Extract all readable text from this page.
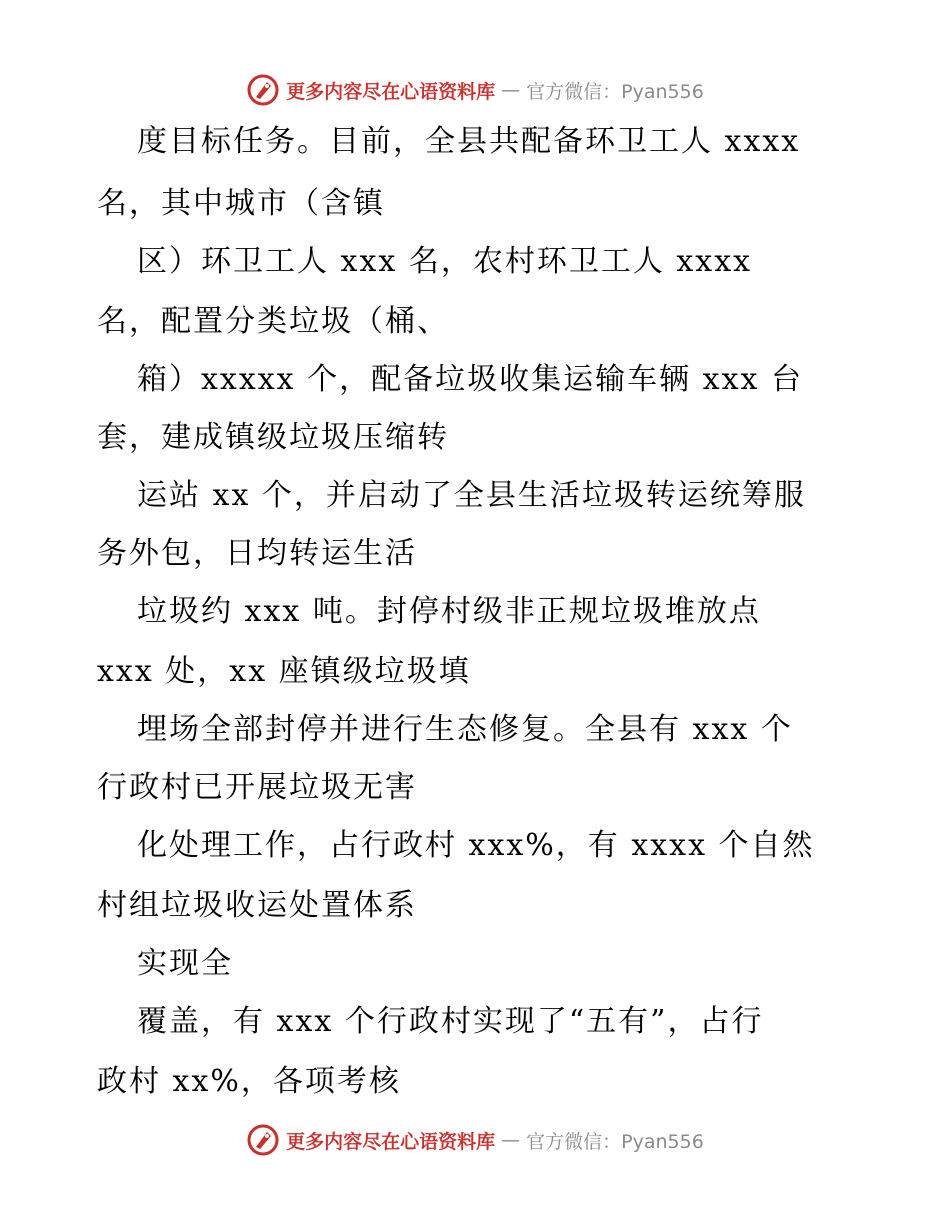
更多内容尽在心语资料库 — 官方微信：Pyan556
度目标任务。目前，全县共配备环卫工人 xxxx
名，其中城市（含镇
区）环卫工人 xxx 名，农村环卫工人 xxxx
名，配置分类垃圾（桶、
箱）xxxxx 个，配备垃圾收集运输车辆 xxx 台
套，建成镇级垃圾压缩转
运站 xx 个，并启动了全县生活垃圾转运统筹服
务外包，日均转运生活
垃圾约 xxx 吨。封停村级非正规垃圾堆放点
xxx 处，xx 座镇级垃圾填
埋场全部封停并进行生态修复。全县有 xxx 个
行政村已开展垃圾无害
化处理工作，占行政村 xxx%，有 xxxx 个自然
村组垃圾收运处置体系
实现全
覆盖，有 xxx 个行政村实现了“五有”，占行
政村 xx%，各项考核
更多内容尽在心语资料库 — 官方微信：Pyan556
